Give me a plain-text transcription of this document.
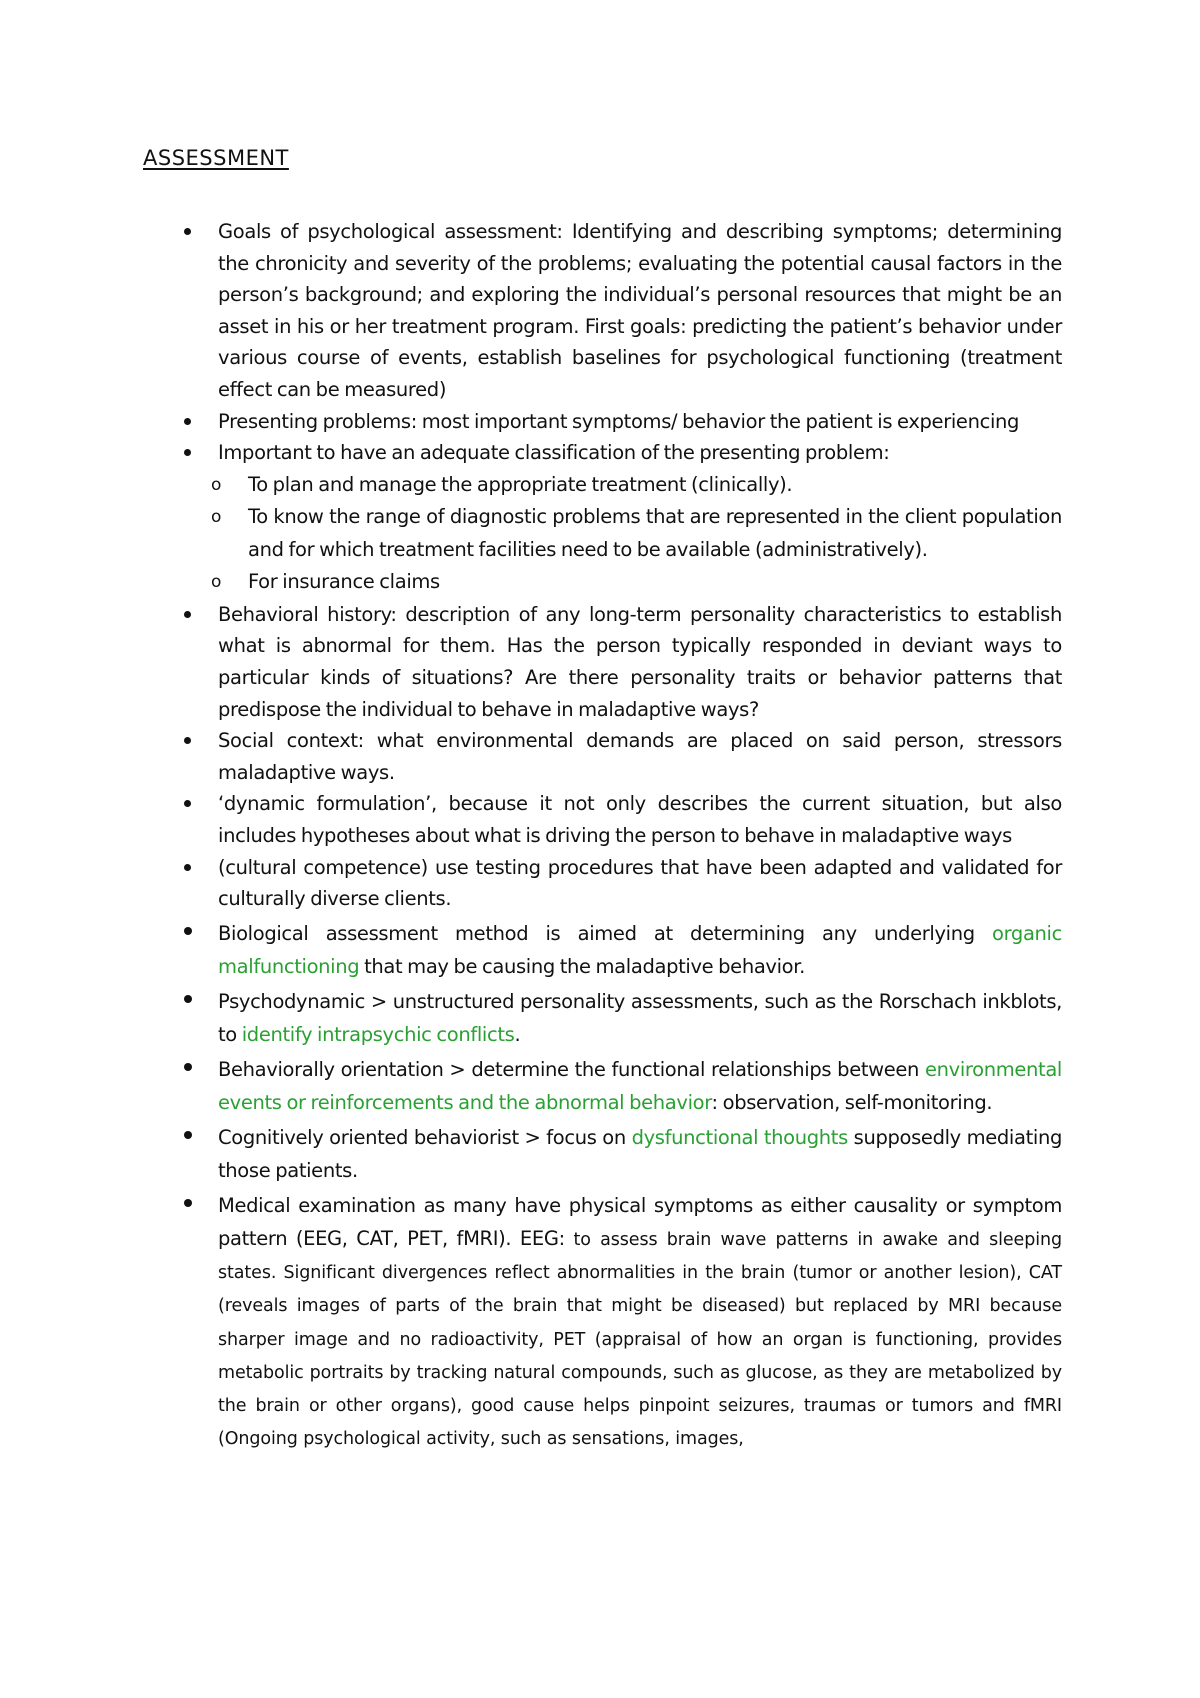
ASSESSMENT
Goals of psychological assessment: Identifying and describing symptoms; determining the chronicity and severity of the problems; evaluating the potential causal factors in the person’s background; and exploring the individual’s personal resources that might be an asset in his or her treatment program. First goals: predicting the patient’s behavior under various course of events, establish baselines for psychological functioning (treatment effect can be measured)
Presenting problems: most important symptoms/ behavior the patient is experiencing
Important to have an adequate classification of the presenting problem:
o To plan and manage the appropriate treatment (clinically).
o To know the range of diagnostic problems that are represented in the client population and for which treatment facilities need to be available (administratively).
o For insurance claims
Behavioral history: description of any long-term personality characteristics to establish what is abnormal for them. Has the person typically responded in deviant ways to particular kinds of situations? Are there personality traits or behavior patterns that predispose the individual to behave in maladaptive ways?
Social context: what environmental demands are placed on said person, stressors maladaptive ways.
‘dynamic formulation’, because it not only describes the current situation, but also includes hypotheses about what is driving the person to behave in maladaptive ways
(cultural competence) use testing procedures that have been adapted and validated for culturally diverse clients.
Biological assessment method is aimed at determining any underlying organic malfunctioning that may be causing the maladaptive behavior.
Psychodynamic > unstructured personality assessments, such as the Rorschach inkblots, to identify intrapsychic conflicts.
Behaviorally orientation > determine the functional relationships between environmental events or reinforcements and the abnormal behavior: observation, self-monitoring.
Cognitively oriented behaviorist > focus on dysfunctional thoughts supposedly mediating those patients.
Medical examination as many have physical symptoms as either causality or symptom pattern (EEG, CAT, PET, fMRI). EEG: to assess brain wave patterns in awake and sleeping states. Significant divergences reflect abnormalities in the brain (tumor or another lesion), CAT (reveals images of parts of the brain that might be diseased) but replaced by MRI because sharper image and no radioactivity, PET (appraisal of how an organ is functioning, provides metabolic portraits by tracking natural compounds, such as glucose, as they are metabolized by the brain or other organs), good cause helps pinpoint seizures, traumas or tumors and fMRI (Ongoing psychological activity, such as sensations, images,
